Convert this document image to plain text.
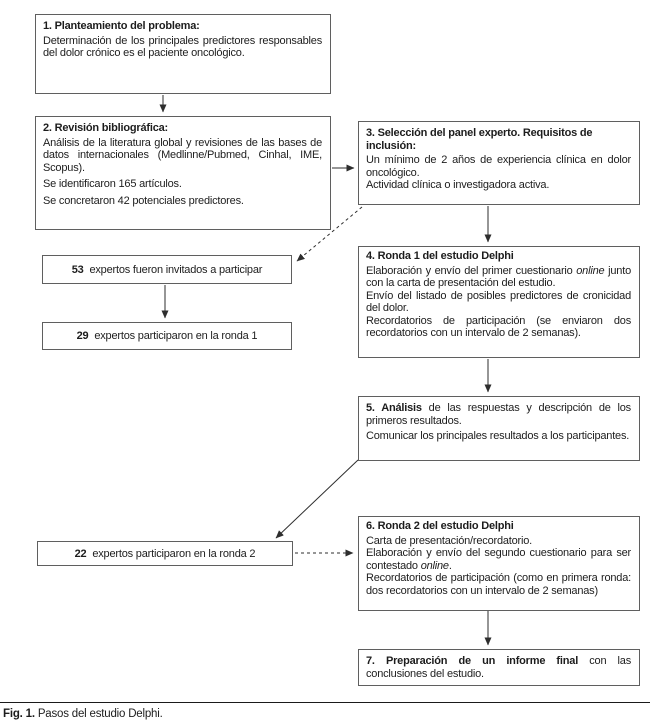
1. Planteamiento del problema:

Determinación de los principales predictores responsables del dolor crónico es el paciente oncológico.

2. Revisión bibliográfica:

Análisis de la literatura global y revisiones de las bases de datos internacionales (Medlinne/Pubmed, Cinhal, IME, Scopus).

Se identificaron 165 artículos.

Se concretaron 42 potenciales predictores.

3. Selección del panel experto. Requisitos de inclusión:

Un mínimo de 2 años de experiencia clínica en dolor oncológico.

Actividad clínica o investigadora activa.

53 expertos fueron invitados a participar
29 expertos participaron en la ronda 1

4. Ronda 1 del estudio Delphi

Elaboración y envío del primer cuestionario online junto con la carta de presentación del estudio.

Envío del listado de posibles predictores de cronicidad del dolor.

Recordatorios de participación (se enviaron dos recordatorios con un intervalo de 2 semanas).

5. Análisis de las respuestas y descripción de los primeros resultados.

Comunicar los principales resultados a los participantes.

6. Ronda 2 del estudio Delphi

Carta de presentación/recordatorio.

Elaboración y envío del segundo cuestionario para ser contestado online.

Recordatorios de participación (como en primera ronda: dos recordatorios con un intervalo de 2 semanas)

22 expertos participaron en la ronda 2

7. Preparación de un informe final con las conclusiones del estudio.

Fig. 1. Pasos del estudio Delphi.
